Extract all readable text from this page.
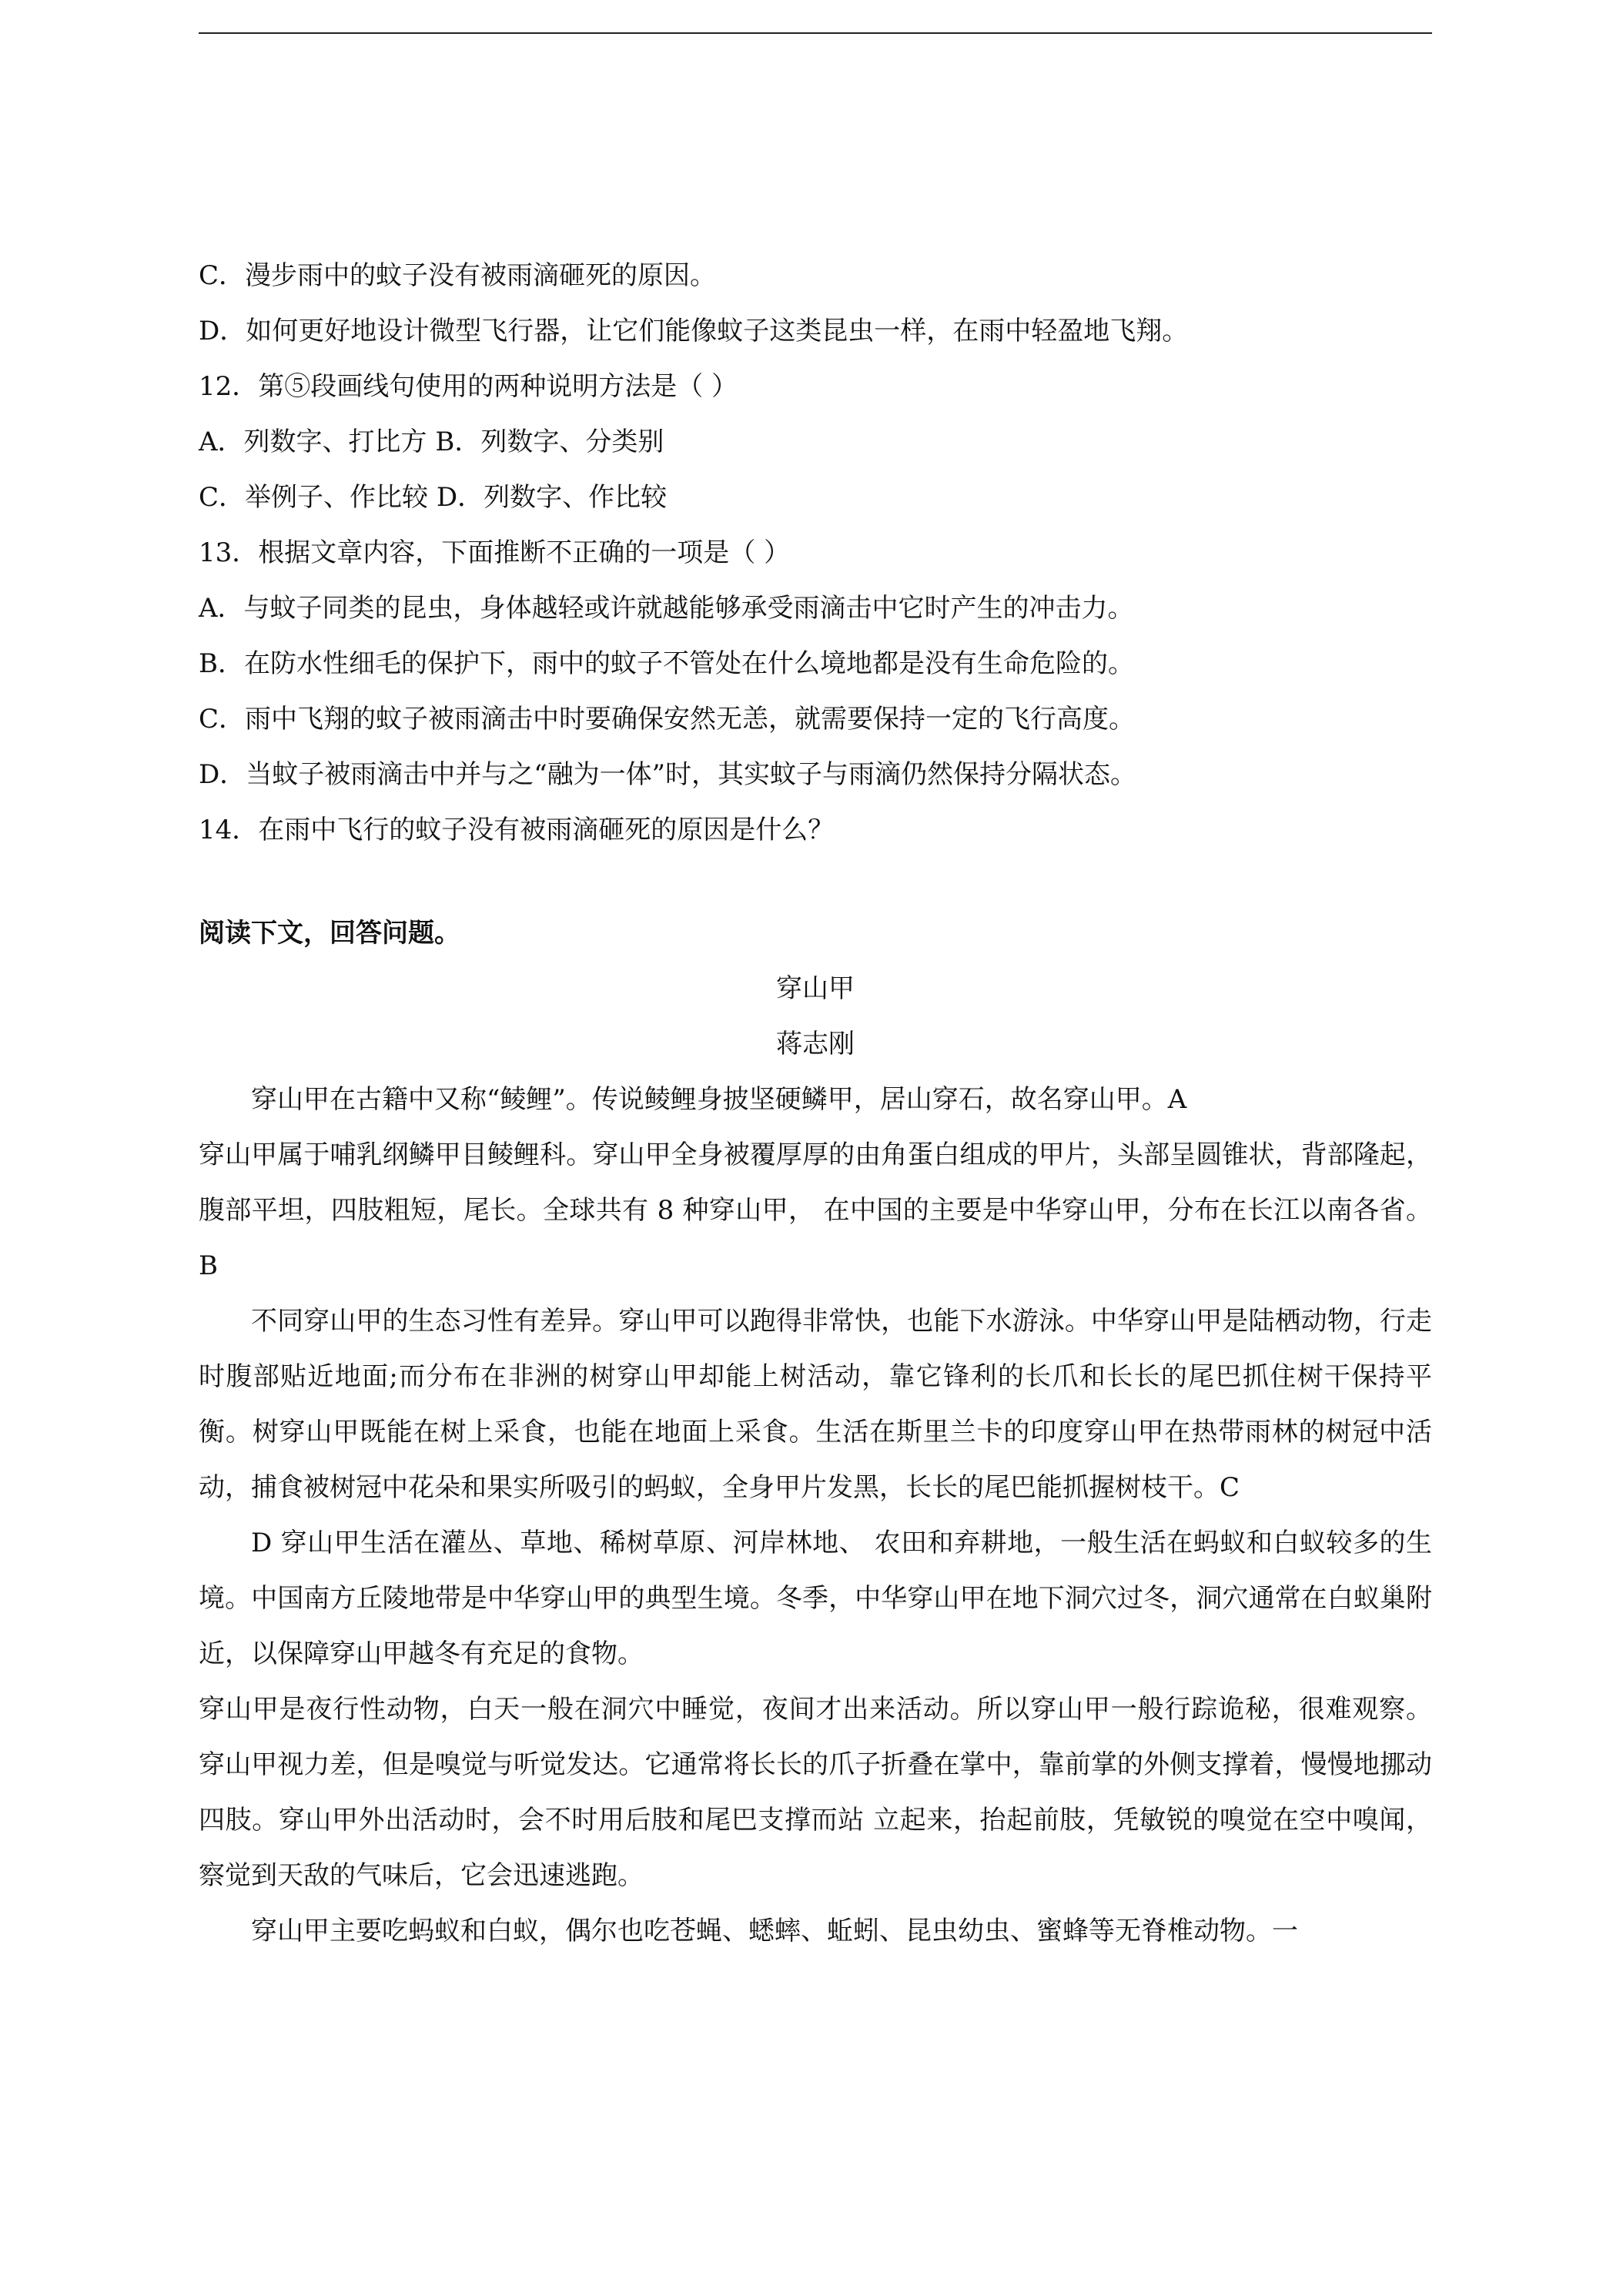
C．漫步雨中的蚊子没有被雨滴砸死的原因。
D．如何更好地设计微型飞行器，让它们能像蚊子这类昆虫一样，在雨中轻盈地飞翔。
12．第⑤段画线句使用的两种说明方法是（ ）
A．列数字、打比方 B．列数字、分类别
C．举例子、作比较 D．列数字、作比较
13．根据文章内容，下面推断不正确的一项是（ ）
A．与蚊子同类的昆虫，身体越轻或许就越能够承受雨滴击中它时产生的冲击力。
B．在防水性细毛的保护下，雨中的蚊子不管处在什么境地都是没有生命危险的。
C．雨中飞翔的蚊子被雨滴击中时要确保安然无恙，就需要保持一定的飞行高度。
D．当蚊子被雨滴击中并与之“融为一体”时，其实蚊子与雨滴仍然保持分隔状态。
14．在雨中飞行的蚊子没有被雨滴砸死的原因是什么？
阅读下文，回答问题。
穿山甲
蒋志刚
穿山甲在古籍中又称“鲮鲤”。传说鲮鲤身披坚硬鳞甲，居山穿石，故名穿山甲。A
穿山甲属于哺乳纲鳞甲目鲮鲤科。穿山甲全身被覆厚厚的由角蛋白组成的甲片，头部呈圆锥状，背部隆起，腹部平坦，四肢粗短，尾长。全球共有 8 种穿山甲， 在中国的主要是中华穿山甲，分布在长江以南各省。B
不同穿山甲的生态习性有差异。穿山甲可以跑得非常快，也能下水游泳。中华穿山甲是陆栖动物，行走时腹部贴近地面;而分布在非洲的树穿山甲却能上树活动，靠它锋利的长爪和长长的尾巴抓住树干保持平衡。树穿山甲既能在树上采食，也能在地面上采食。生活在斯里兰卡的印度穿山甲在热带雨林的树冠中活动，捕食被树冠中花朵和果实所吸引的蚂蚁，全身甲片发黑，长长的尾巴能抓握树枝干。C
D 穿山甲生活在灌丛、草地、稀树草原、河岸林地、 农田和弃耕地，一般生活在蚂蚁和白蚁较多的生境。中国南方丘陵地带是中华穿山甲的典型生境。冬季，中华穿山甲在地下洞穴过冬，洞穴通常在白蚁巢附近，以保障穿山甲越冬有充足的食物。
穿山甲是夜行性动物，白天一般在洞穴中睡觉，夜间才出来活动。所以穿山甲一般行踪诡秘，很难观察。 穿山甲视力差，但是嗅觉与听觉发达。它通常将长长的爪子折叠在掌中，靠前掌的外侧支撑着，慢慢地挪动四肢。穿山甲外出活动时，会不时用后肢和尾巴支撑而站 立起来，抬起前肢，凭敏锐的嗅觉在空中嗅闻，察觉到天敌的气味后，它会迅速逃跑。
穿山甲主要吃蚂蚁和白蚁，偶尔也吃苍蝇、蟋蟀、蚯蚓、昆虫幼虫、蜜蜂等无脊椎动物。一
